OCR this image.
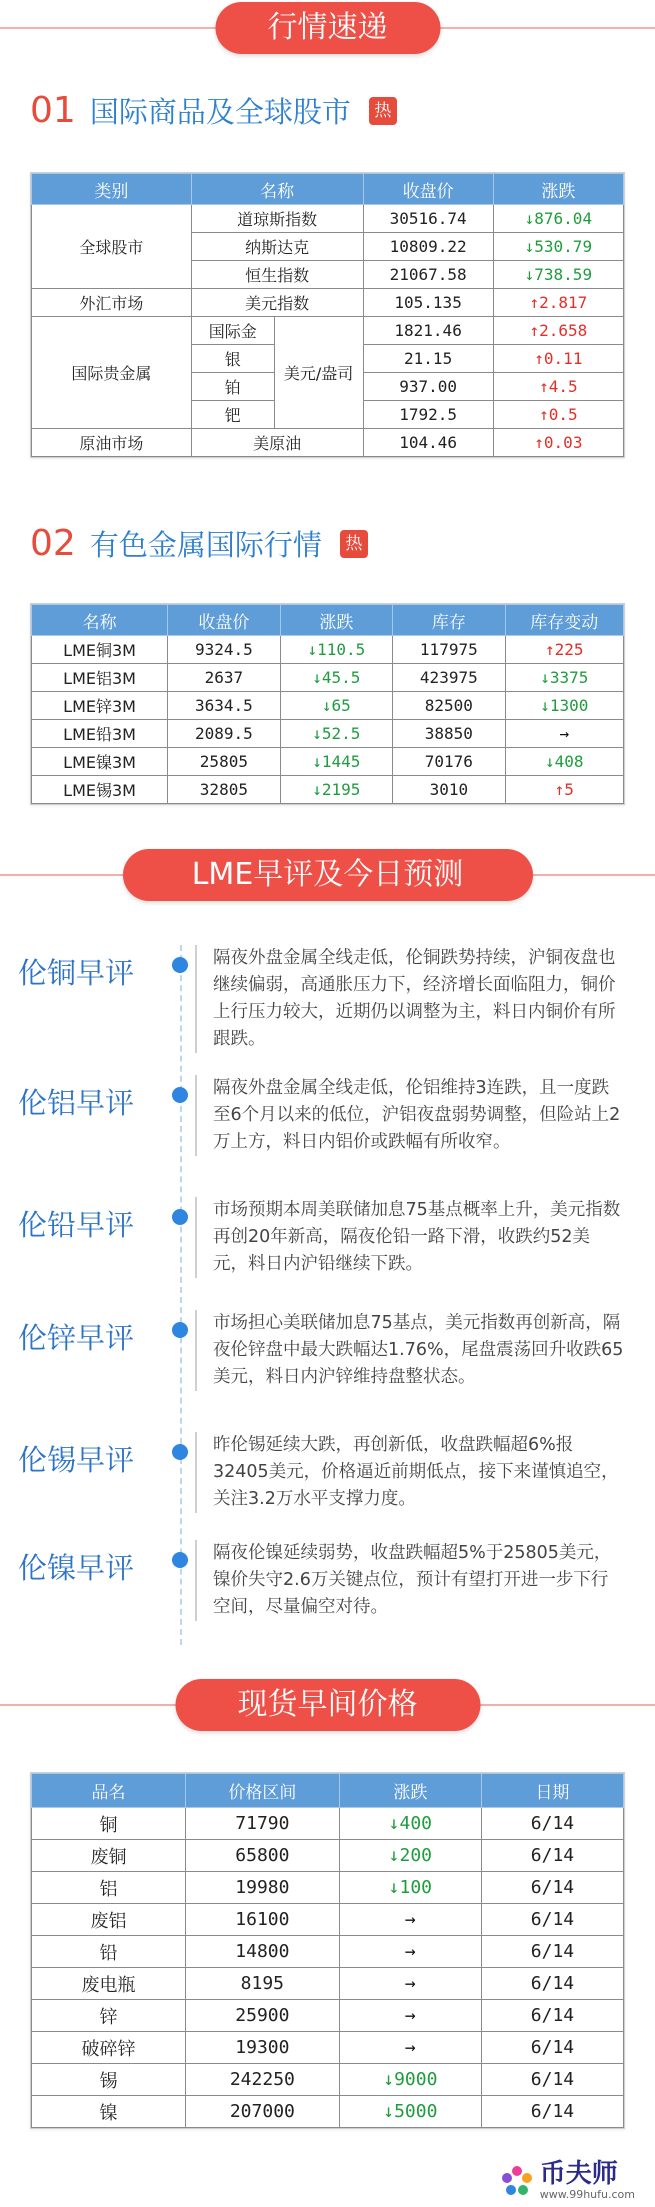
行情速递
01 国际商品及全球股市	热
类别	名称		收盘价	涨跌
全球股市	道琼斯指数		30516.74	↓876.04
	纳斯达克		10809.22	↓530.79
	恒生指数		21067.58	↓738.59
外汇市场	美元指数		105.135	↑2.817
国际贵金属	国际金	美元/盎司	1821.46	↑2.658
	银		21.15	↑0.11
	铂		937.00	↑4.5
	钯		1792.5	↑0.5
原油市场	美原油		104.46	↑0.03
02 有色金属国际行情	热
名称	收盘价	涨跌	库存	库存变动
LME铜3M	9324.5	↓110.5	117975	↑225
LME铝3M	2637	↓45.5	423975	↓3375
LME锌3M	3634.5	↓65	82500	↓1300
LME铅3M	2089.5	↓52.5	38850	→
LME镍3M	25805	↓1445	70176	↓408
LME锡3M	32805	↓2195	3010	↑5
LME早评及今日预测
伦铜早评	隔夜外盘金属全线走低，伦铜跌势持续，沪铜夜盘也继续偏弱，高通胀压力下，经济增长面临阻力，铜价上行压力较大，近期仍以调整为主，料日内铜价有所跟跌。
伦铝早评	隔夜外盘金属全线走低，伦铝维持3连跌，且一度跌至6个月以来的低位，沪铝夜盘弱势调整，但险站上2万上方，料日内铝价或跌幅有所收窄。
伦铅早评	市场预期本周美联储加息75基点概率上升，美元指数再创20年新高，隔夜伦铅一路下滑，收跌约52美元，料日内沪铅继续下跌。
伦锌早评	市场担心美联储加息75基点，美元指数再创新高，隔夜伦锌盘中最大跌幅达1.76%，尾盘震荡回升收跌65美元，料日内沪锌维持盘整状态。
伦锡早评	昨伦锡延续大跌，再创新低，收盘跌幅超6%报32405美元，价格逼近前期低点，接下来谨慎追空，关注3.2万水平支撑力度。
伦镍早评	隔夜伦镍延续弱势，收盘跌幅超5%于25805美元，镍价失守2.6万关键点位，预计有望打开进一步下行空间，尽量偏空对待。
现货早间价格
品名	价格区间	涨跌	日期
铜	71790	↓400	6/14
废铜	65800	↓200	6/14
铝	19980	↓100	6/14
废铝	16100	→	6/14
铅	14800	→	6/14
废电瓶	8195	→	6/14
锌	25900	→	6/14
破碎锌	19300	→	6/14
锡	242250	↓9000	6/14
镍	207000	↓5000	6/14
币夫师
www.99hufu.com
